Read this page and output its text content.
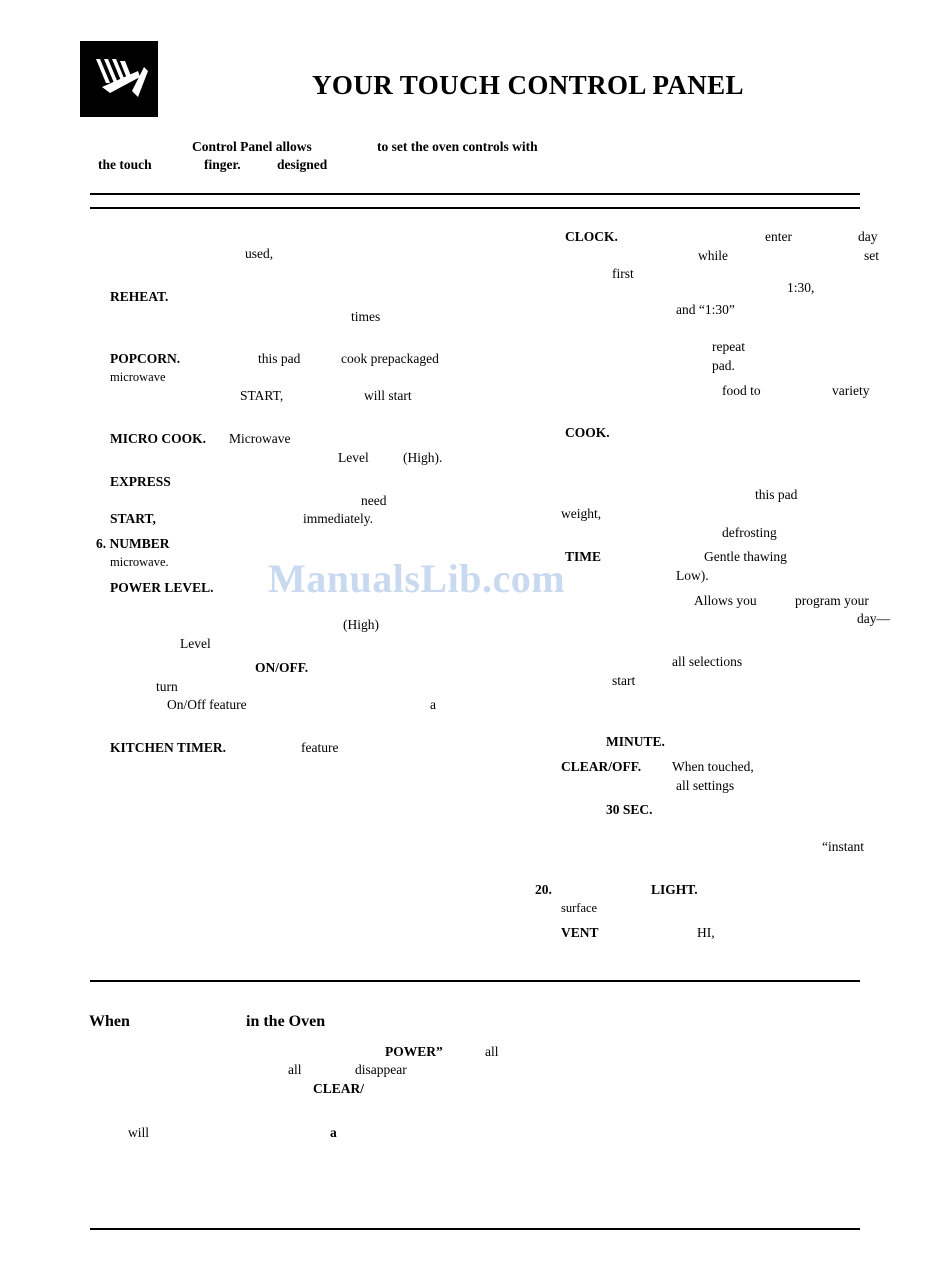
YOUR TOUCH CONTROL PANEL
Control Panel allows	to set the oven controls with
the touch	finger.	designed
used,
REHEAT.
times
POPCORN.	this pad	cook prepackaged
microwave
START,	will start
MICRO COOK. Microwave
Level	(High).
EXPRESS
need
START,	immediately.
6. NUMBER
microwave.
POWER LEVEL.
Level
(High)
ON/OFF.
turn
On/Off feature	a
KITCHEN TIMER.	feature
CLOCK.	enter	day
while	set
first
1:30,
and “1:30”
repeat
pad.
food to	variety
COOK.
this pad
weight,
defrosting
TIME	Gentle thawing
Low).
Allows you	program your
day—
all selections
start
MINUTE.
CLEAR/OFF. When touched,
all settings
30 SEC.
“instant
20.	LIGHT.
surface
VENT	HI,
ManualsLib.com
When	in the Oven
POWER”	all
all	disappear
CLEAR/
will	a
